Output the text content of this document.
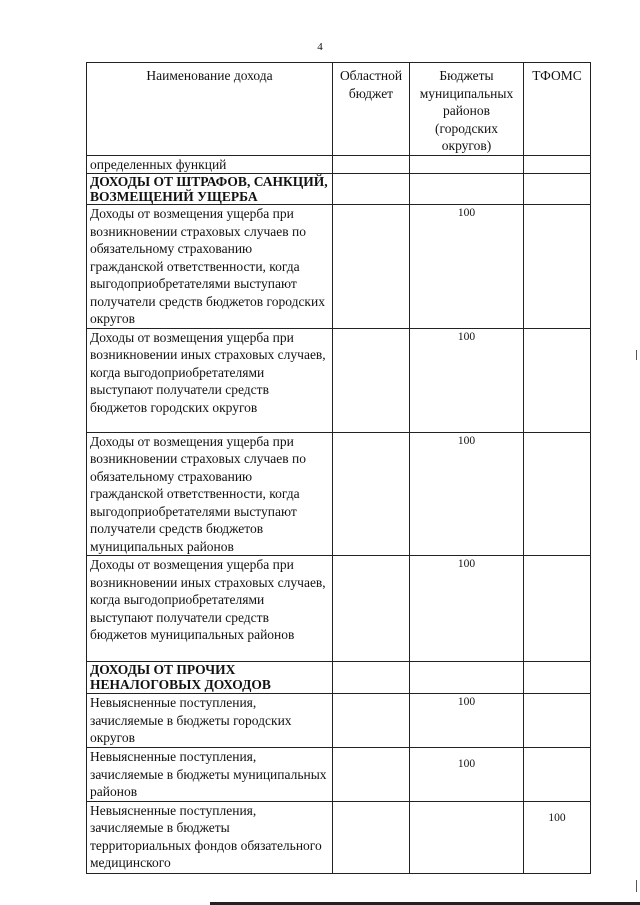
4
Наименование дохода	Областной бюджет	Бюджеты муниципальных районов (городских округов)	ТФОМС
определенных функций			
ДОХОДЫ ОТ ШТРАФОВ, САНКЦИЙ, ВОЗМЕЩЕНИЙ УЩЕРБА			
Доходы от возмещения ущерба при возникновении страховых случаев по обязательному страхованию гражданской ответственности, когда выгодоприобретателями выступают получатели средств бюджетов городских округов		100	
Доходы от возмещения ущерба при возникновении иных страховых случаев, когда выгодоприобретателями выступают получатели средств бюджетов городских округов		100	
Доходы от возмещения ущерба при возникновении страховых случаев по обязательному страхованию гражданской ответственности, когда выгодоприобретателями выступают получатели средств бюджетов муниципальных районов		100	
Доходы от возмещения ущерба при возникновении иных страховых случаев, когда выгодоприобретателями выступают получатели средств бюджетов муниципальных районов		100	
ДОХОДЫ ОТ ПРОЧИХ НЕНАЛОГОВЫХ ДОХОДОВ			
Невыясненные поступления, зачисляемые в бюджеты городских округов		100	
Невыясненные поступления, зачисляемые в бюджеты муниципальных районов		100	
Невыясненные поступления, зачисляемые в бюджеты территориальных фондов обязательного медицинского			100
